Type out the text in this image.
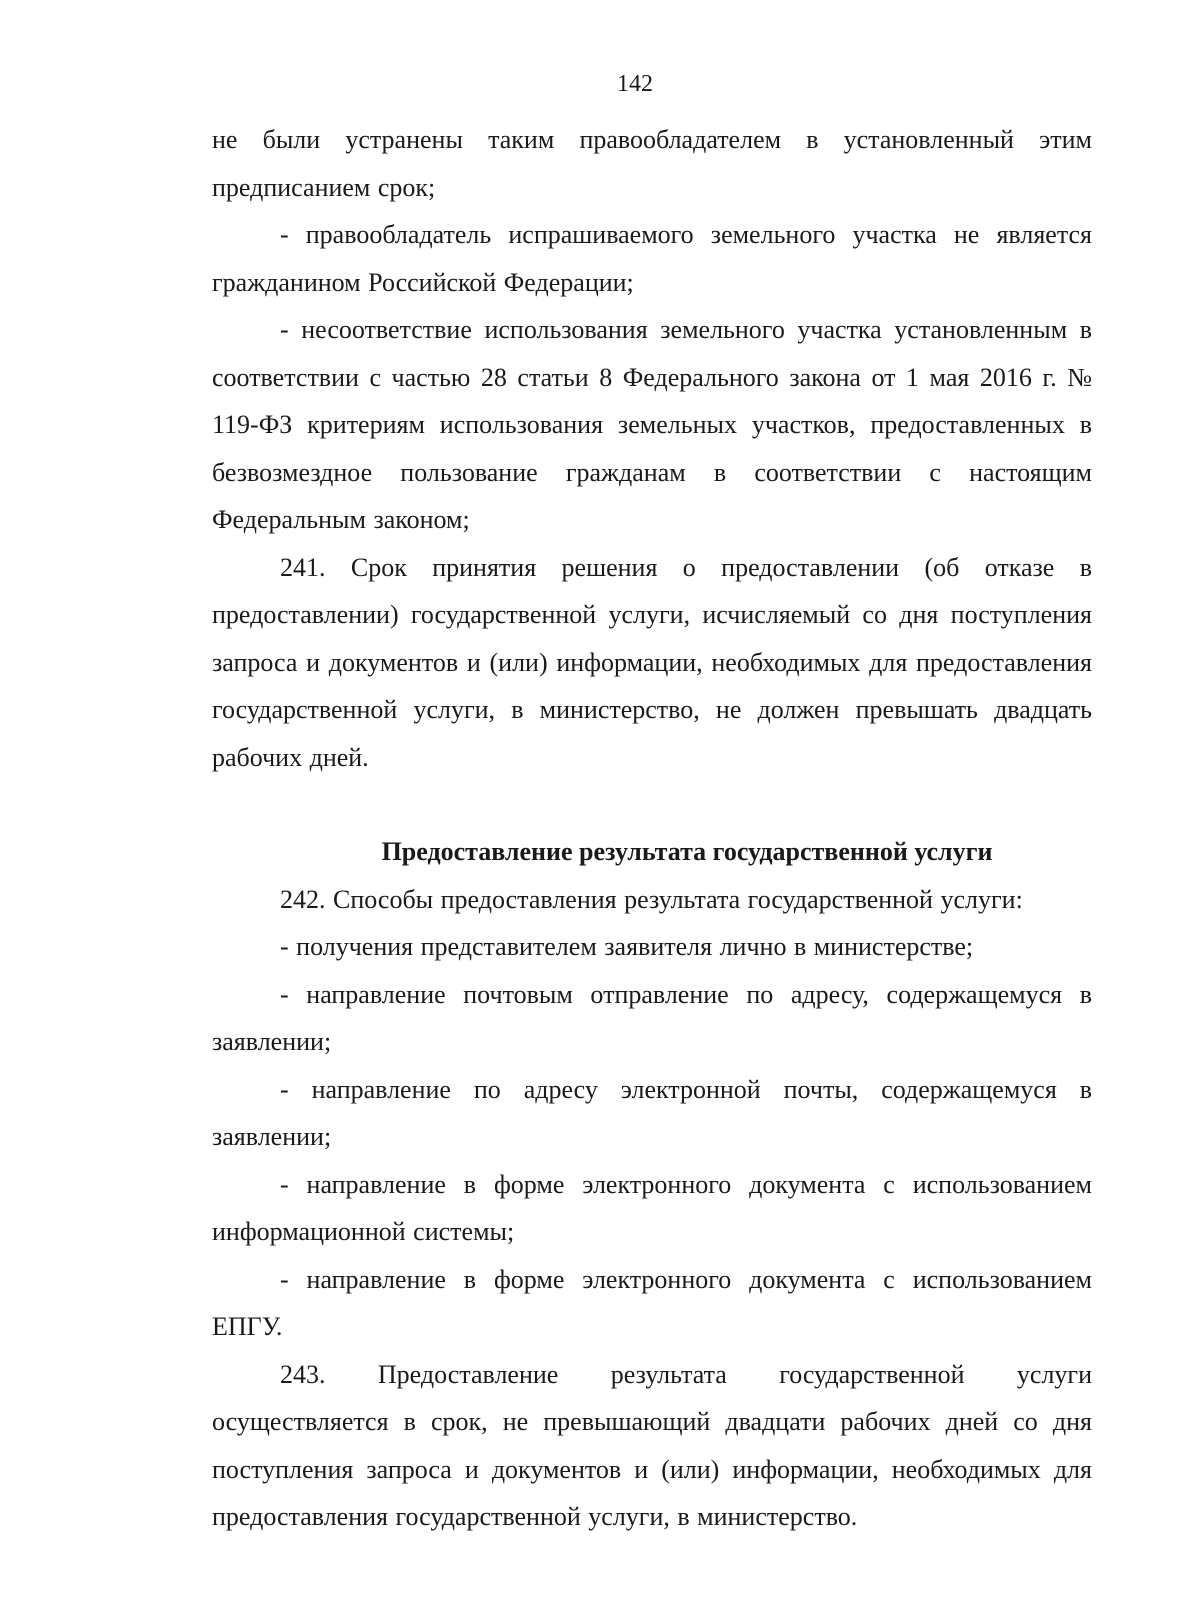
142

не были устранены таким правообладателем в установленный этим предписанием срок;

- правообладатель испрашиваемого земельного участка не является гражданином Российской Федерации;

- несоответствие использования земельного участка установленным в соответствии с частью 28 статьи 8 Федерального закона от 1 мая 2016 г. № 119-ФЗ критериям использования земельных участков, предоставленных в безвозмездное пользование гражданам в соответствии с настоящим Федеральным законом;

241. Срок принятия решения о предоставлении (об отказе в предоставлении) государственной услуги, исчисляемый со дня поступления запроса и документов и (или) информации, необходимых для предоставления государственной услуги, в министерство, не должен превышать двадцать рабочих дней.

Предоставление результата государственной услуги

242. Способы предоставления результата государственной услуги:

- получения представителем заявителя лично в министерстве;

- направление почтовым отправление по адресу, содержащемуся в заявлении;

- направление по адресу электронной почты, содержащемуся в заявлении;

- направление в форме электронного документа с использованием информационной системы;

- направление в форме электронного документа с использованием ЕПГУ.

243. Предоставление результата государственной услуги осуществляется в срок, не превышающий двадцати рабочих дней со дня поступления запроса и документов и (или) информации, необходимых для предоставления государственной услуги, в министерство.
